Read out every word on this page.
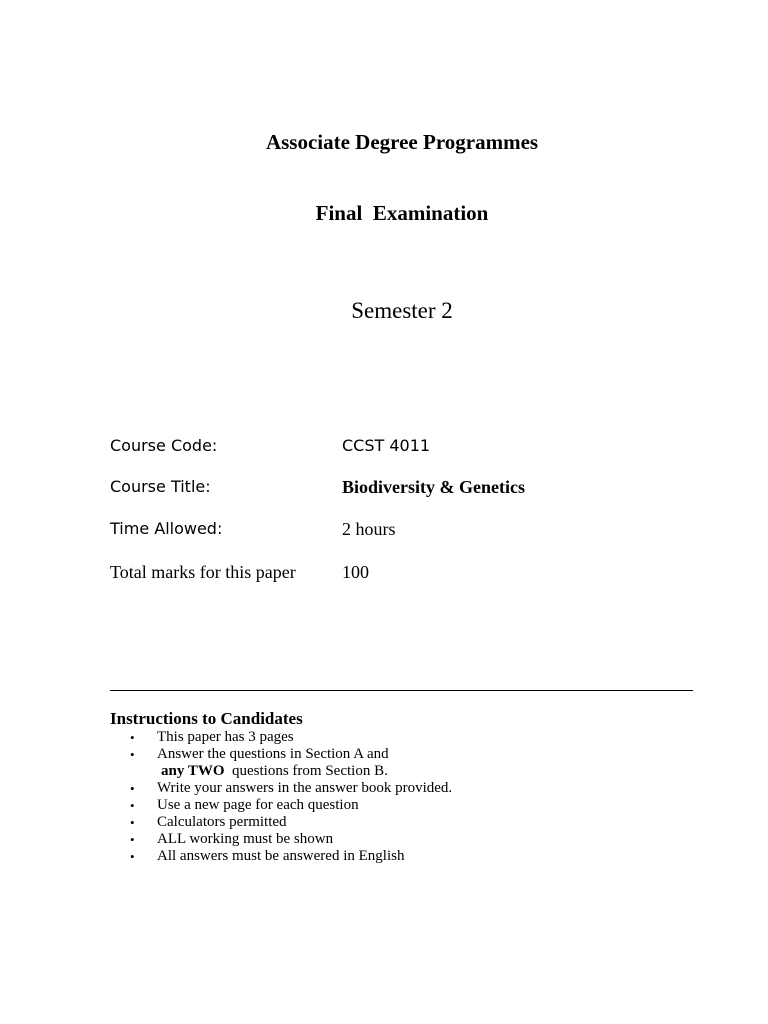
Associate Degree Programmes
Final  Examination
Semester 2
Course Code:	CCST 4011
Course Title:	Biodiversity & Genetics
Time Allowed:	2 hours
Total marks for this paper	100
Instructions to Candidates
• This paper has 3 pages
• Answer the questions in Section A and
any TWO  questions from Section B.
• Write your answers in the answer book provided.
• Use a new page for each question
• Calculators permitted
• ALL working must be shown
• All answers must be answered in English
